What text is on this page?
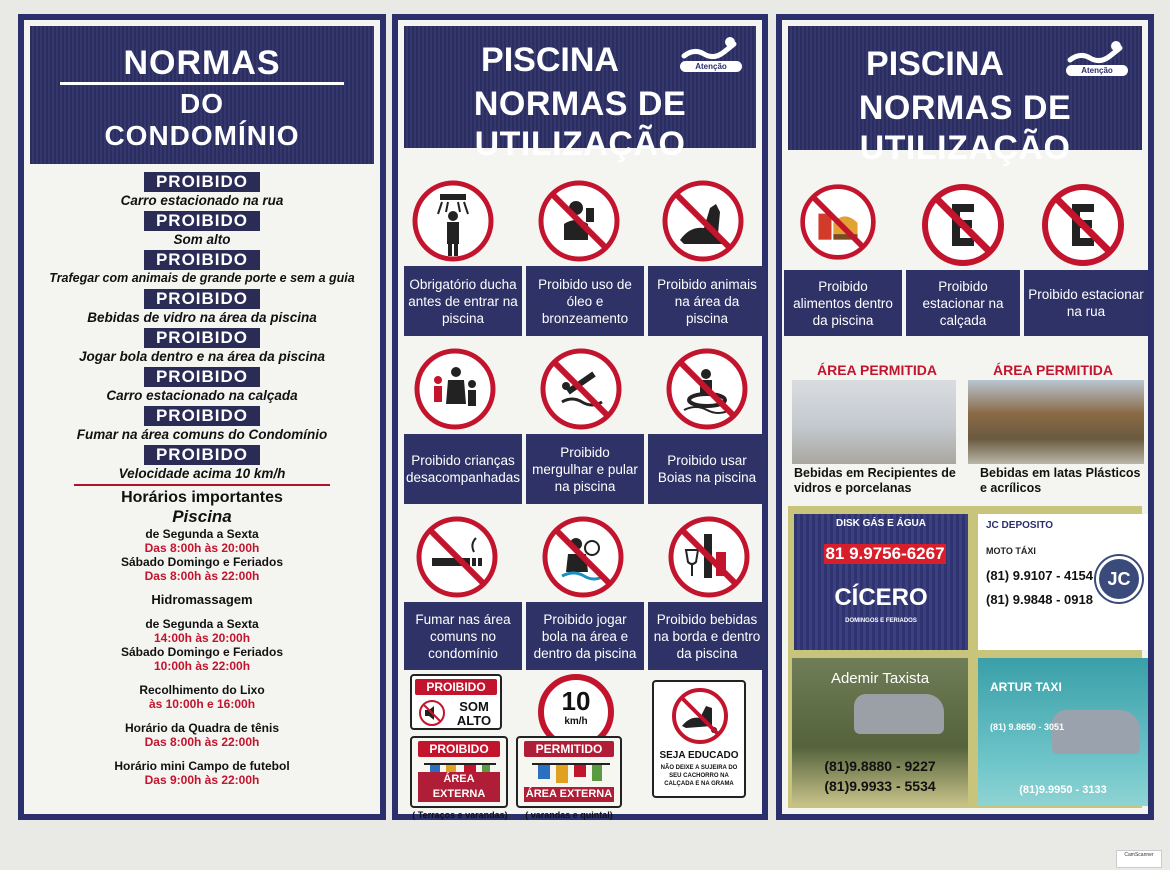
NORMAS
DO
CONDOMÍNIO
PROIBIDO
Carro estacionado na rua
PROIBIDO
Som alto
PROIBIDO
Trafegar com animais de grande porte e sem a guia
PROIBIDO
Bebidas de vidro na área da piscina
PROIBIDO
Jogar bola dentro e na área da piscina
PROIBIDO
Carro estacionado na calçada
PROIBIDO
Fumar na área comuns do Condomínio
PROIBIDO
Velocidade acima 10 km/h
Horários importantes
Piscina
de Segunda a Sexta
Das 8:00h às 20:00h
Sábado Domingo e Feriados
Das 8:00h às 22:00h
Hidromassagem
de Segunda a Sexta
14:00h às 20:00h
Sábado Domingo e Feriados
10:00h às 22:00h
Recolhimento do Lixo
às 10:00h e 16:00h
Horário da Quadra de tênis
Das 8:00h às 22:00h
Horário mini Campo de futebol
Das 9:00h às 22:00h
PISCINA
NORMAS DE UTILIZAÇÃO
Atenção
Obrigatório ducha antes de entrar na piscina
Proibido uso de óleo e bronzeamento
Proibido animais na área da piscina
Proibido crianças desacompanhadas
Proibido mergulhar e pular na piscina
Proibido usar Boias na piscina
Fumar nas área comuns no condomínio
Proibido jogar bola na área e dentro da piscina
Proibido bebidas na borda e dentro da piscina
PROIBIDO
SOM
ALTO
10
km/h
SEJA EDUCADO
NÃO DEIXE A SUJEIRA DO SEU CACHORRO NA CALÇADA E NA GRAMA
PROIBIDO
ÁREA EXTERNA
( Terraços e varandas)
PERMITIDO
ÁREA EXTERNA
( varandas e quintal)
PISCINA
NORMAS DE UTILIZAÇÃO
Atenção
Proibido alimentos dentro da piscina
Proibido estacionar na calçada
Proibido estacionar na rua
ÁREA PERMITIDA	ÁREA PERMITIDA
Bebidas em Recipientes de vidros e porcelanas
Bebidas em latas Plásticos e acrílicos
DISK GÁS E ÁGUA
81 9.9756-6267
CÍCERO
DOMINGOS E FERIADOS
JC DEPOSITO
MOTO TÁXI
(81) 9.9107 - 4154
(81) 9.9848 - 0918
JC
Ademir Taxista
(81)9.8880 - 9227
(81)9.9933 - 5534
ARTUR TAXI
(81) 9.8650 - 3051
(81)9.9950 - 3133
CamScanner
